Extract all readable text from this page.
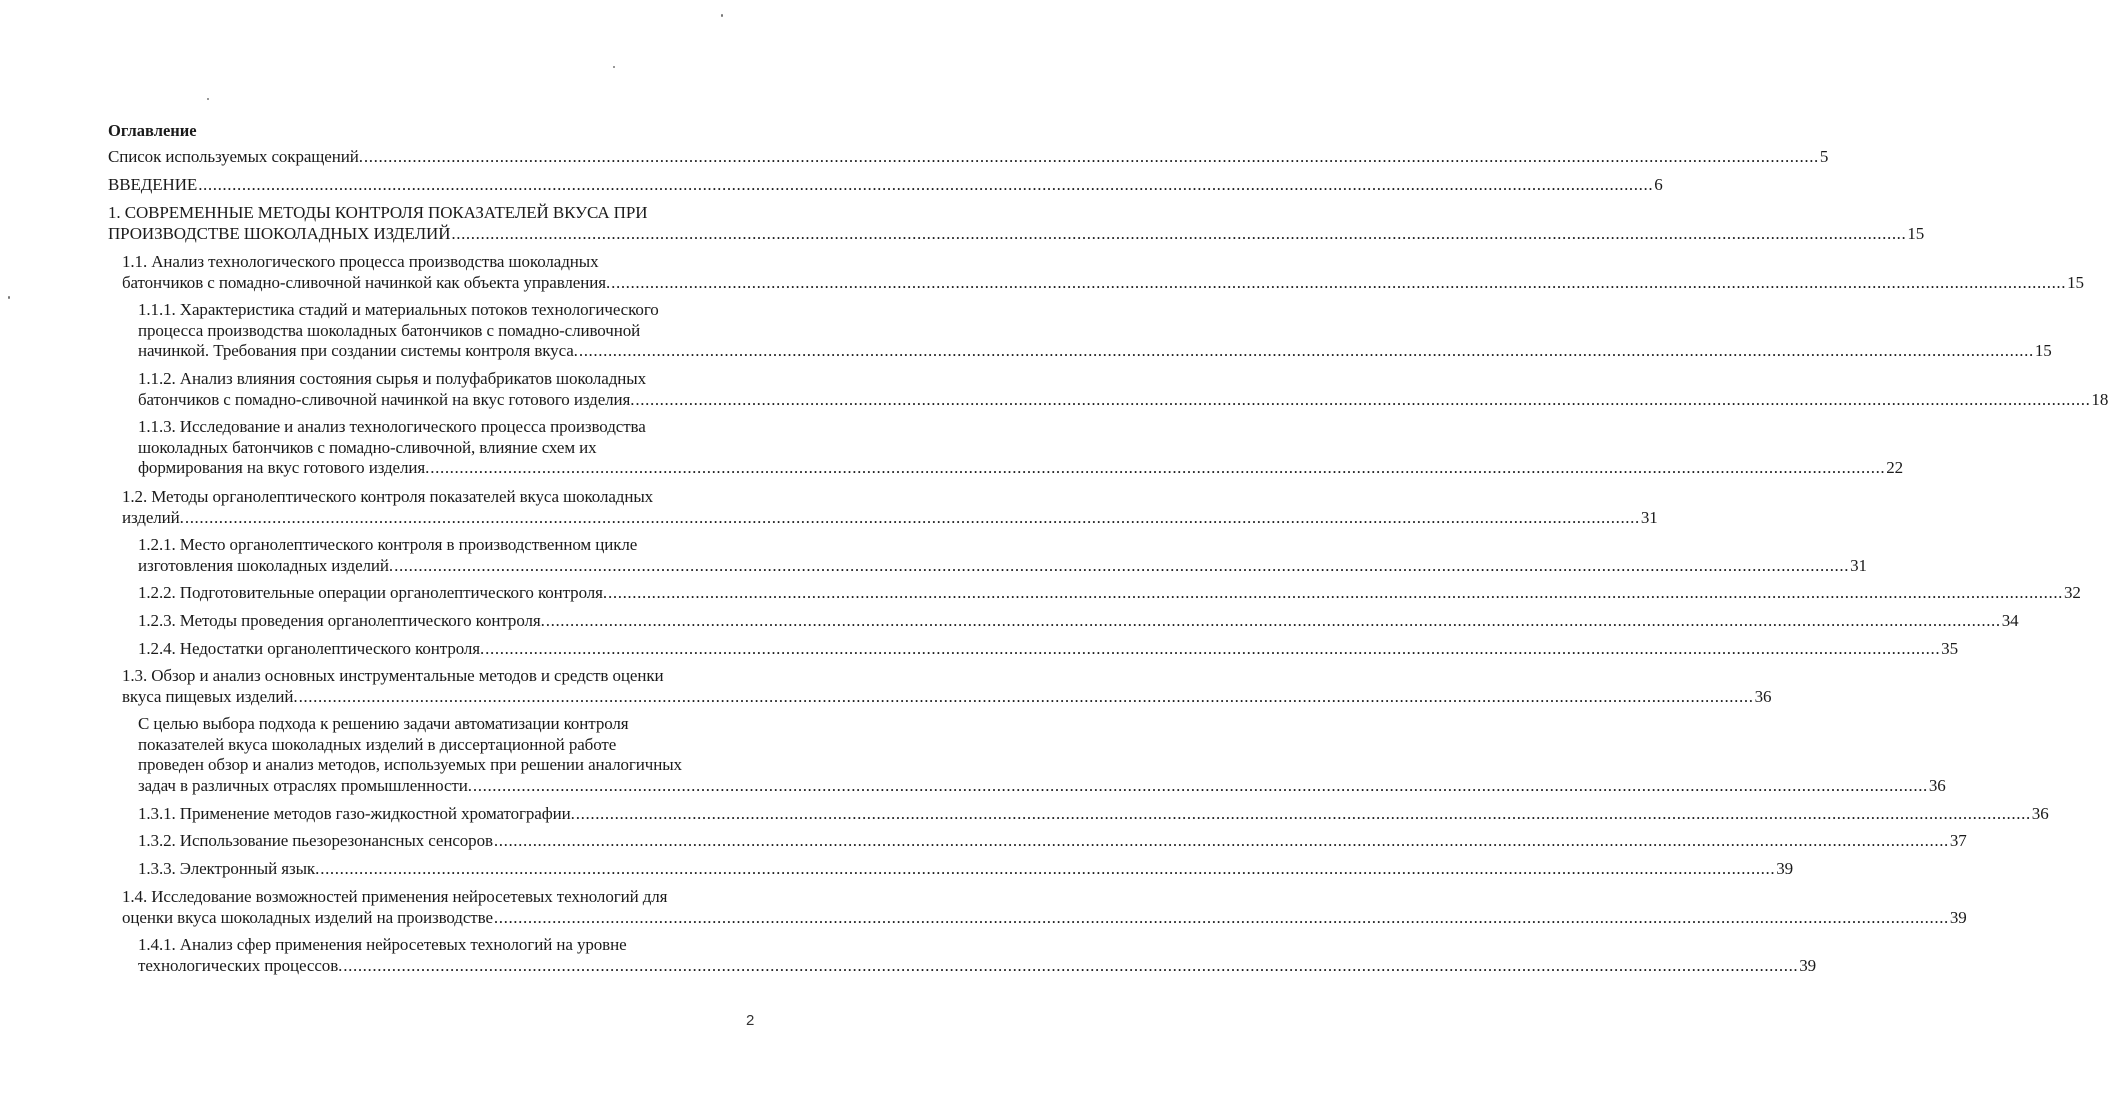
Оглавление
Список используемых сокращений. ............................................................................................................................................................................................................................................................................................................ 5
ВВЕДЕНИЕ ............................................................................................................................................................................................................................................................................................................ 6
1. СОВРЕМЕННЫЕ МЕТОДЫ КОНТРОЛЯ ПОКАЗАТЕЛЕЙ ВКУСА ПРИ
ПРОИЗВОДСТВЕ ШОКОЛАДНЫХ ИЗДЕЛИЙ ............................................................................................................................................................................................................................................................................................................ 15
1.1. Анализ технологического процесса производства шоколадных
батончиков с помадно-сливочной начинкой как объекта управления. ............................................................................................................................................................................................................................................................................................................ 15
1.1.1. Характеристика стадий и материальных потоков технологического
процесса производства шоколадных батончиков с помадно-сливочной
начинкой. Требования при создании системы контроля вкуса. ............................................................................................................................................................................................................................................................................................................ 15
1.1.2. Анализ влияния состояния сырья и полуфабрикатов шоколадных
батончиков с помадно-сливочной начинкой на вкус готового изделия. ............................................................................................................................................................................................................................................................................................................ 18
1.1.3. Исследование и анализ технологического процесса производства
шоколадных батончиков с помадно-сливочной, влияние схем их
формирования на вкус готового изделия. ............................................................................................................................................................................................................................................................................................................ 22
1.2. Методы органолептического контроля показателей вкуса шоколадных
изделий. ............................................................................................................................................................................................................................................................................................................ 31
1.2.1. Место органолептического контроля в производственном цикле
изготовления шоколадных изделий. ............................................................................................................................................................................................................................................................................................................ 31
1.2.2. Подготовительные операции органолептического контроля. ............................................................................................................................................................................................................................................................................................................ 32
1.2.3. Методы проведения органолептического контроля. ............................................................................................................................................................................................................................................................................................................ 34
1.2.4. Недостатки органолептического контроля. ............................................................................................................................................................................................................................................................................................................ 35
1.3. Обзор и анализ основных инструментальные методов и средств оценки
вкуса пищевых изделий. ............................................................................................................................................................................................................................................................................................................ 36
С целью выбора подхода к решению задачи автоматизации контроля
показателей вкуса шоколадных изделий в диссертационной работе
проведен обзор и анализ методов, используемых при решении аналогичных
задач в различных отраслях промышленности. ............................................................................................................................................................................................................................................................................................................ 36
1.3.1. Применение методов газо-жидкостной хроматографии. ............................................................................................................................................................................................................................................................................................................ 36
1.3.2. Использование пьезорезонансных сенсоров ............................................................................................................................................................................................................................................................................................................ 37
1.3.3. Электронный язык. ............................................................................................................................................................................................................................................................................................................ 39
1.4. Исследование возможностей применения нейросетевых технологий для
оценки вкуса шоколадных изделий на производстве ............................................................................................................................................................................................................................................................................................................ 39
1.4.1. Анализ сфер применения нейросетевых технологий на уровне
технологических процессов. ............................................................................................................................................................................................................................................................................................................ 39
2
